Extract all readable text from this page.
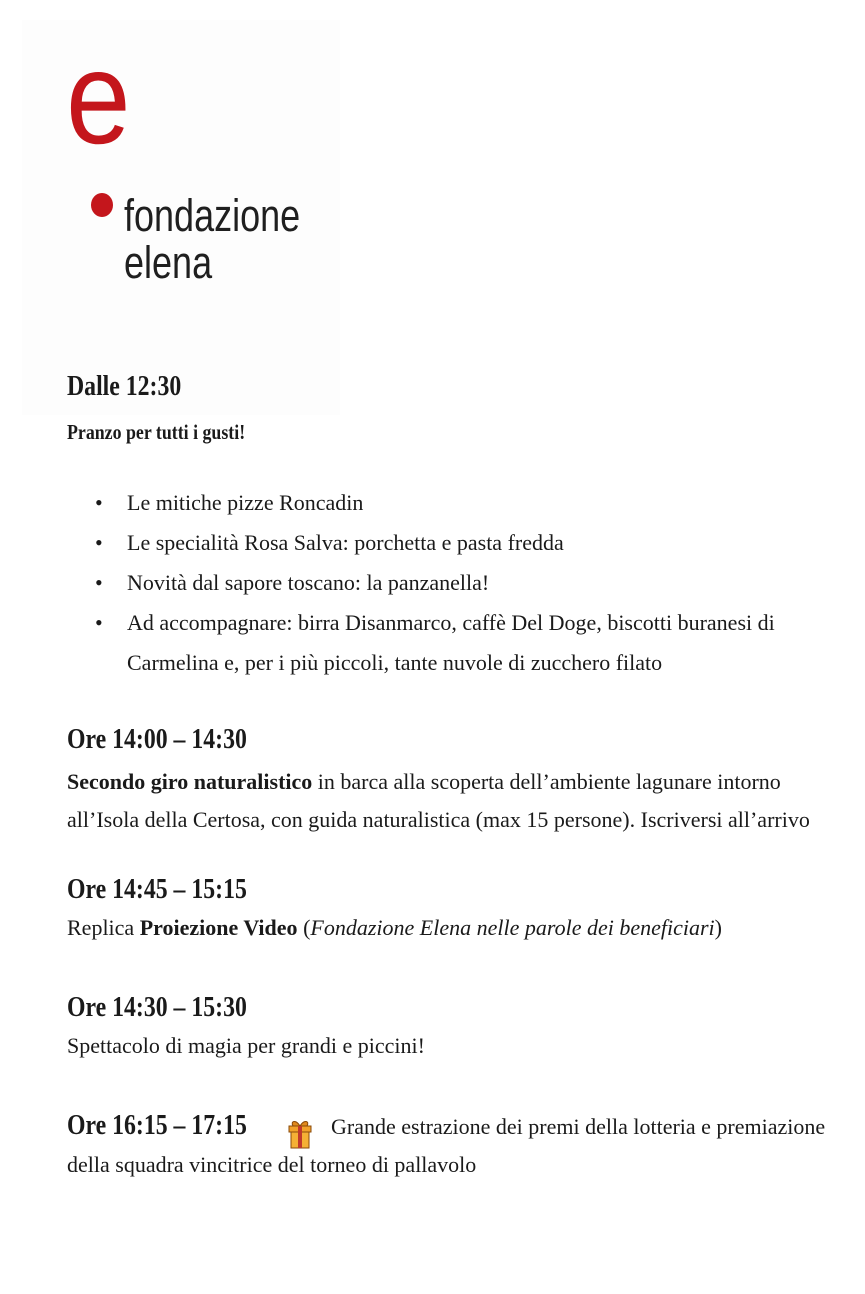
e
fondazione
elena
Dalle 12:30
Pranzo per tutti i gusti!
• Le mitiche pizze Roncadin
• Le specialità Rosa Salva: porchetta e pasta fredda
• Novità dal sapore toscano: la panzanella!
• Ad accompagnare: birra Disanmarco, caffè Del Doge, biscotti buranesi di Carmelina e, per i più piccoli, tante nuvole di zucchero filato
Ore 14:00 – 14:30
Secondo giro naturalistico in barca alla scoperta dell’ambiente lagunare intorno all’Isola della Certosa, con guida naturalistica (max 15 persone). Iscriversi all’arrivo
Ore 14:45 – 15:15
Replica Proiezione Video (Fondazione Elena nelle parole dei beneficiari)
Ore 14:30 – 15:30
Spettacolo di magia per grandi e piccini!
Ore 16:15 – 17:15	Grande estrazione dei premi della lotteria e premiazione della squadra vincitrice del torneo di pallavolo
